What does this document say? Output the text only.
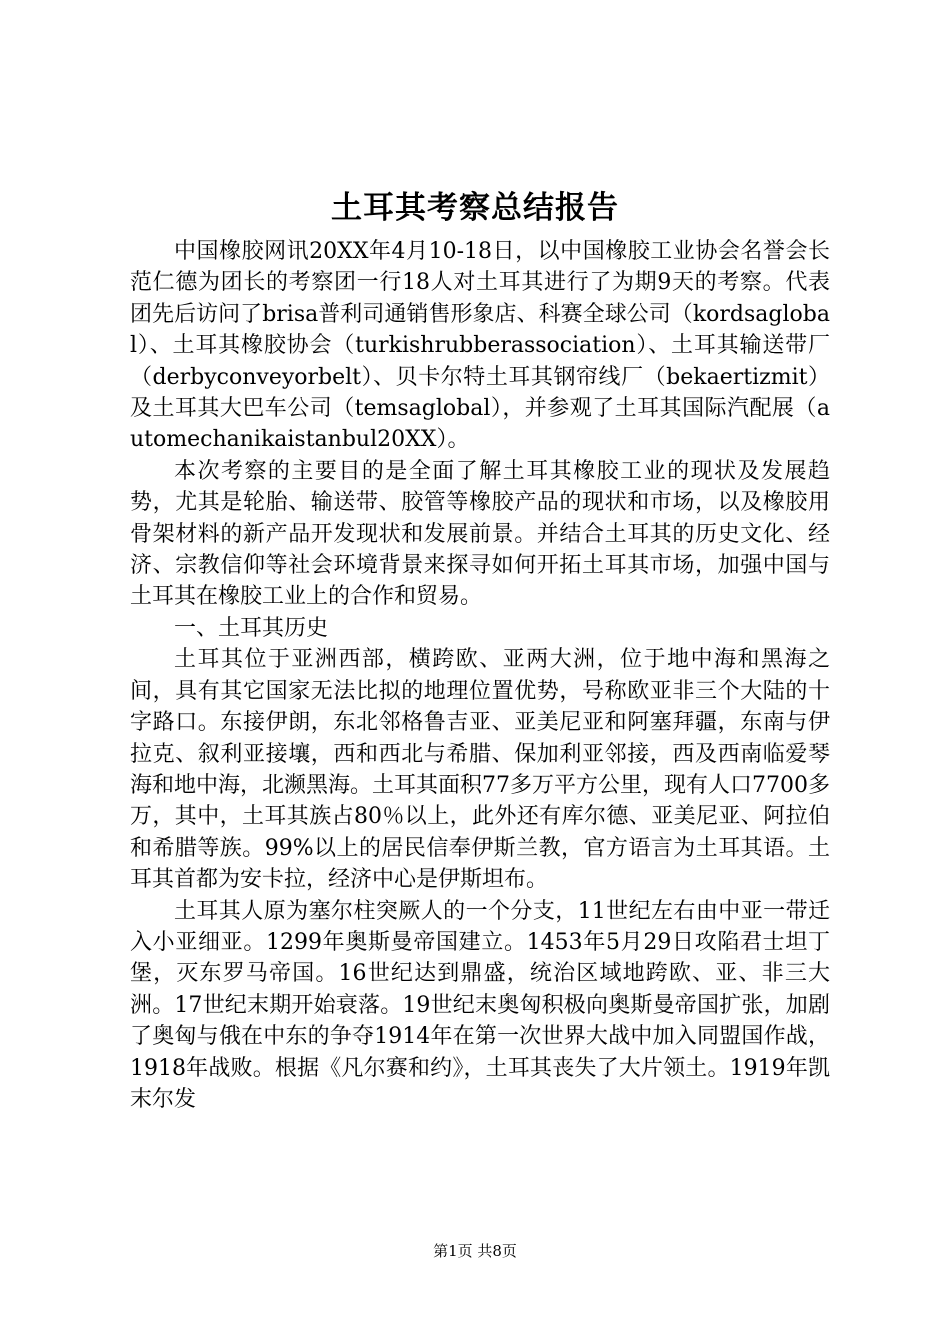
土耳其考察总结报告

中国橡胶网讯20XX年4月10-18日，以中国橡胶工业协会名誉会长范仁德为团长的考察团一行18人对土耳其进行了为期9天的考察。代表团先后访问了brisa普利司通销售形象店、科赛全球公司（kordsaglobal）、土耳其橡胶协会（turkishrubberassociation）、土耳其输送带厂（derbyconveyorbelt）、贝卡尔特土耳其钢帘线厂（bekaertizmit）及土耳其大巴车公司（temsaglobal），并参观了土耳其国际汽配展（automechanikaistanbul20XX）。

本次考察的主要目的是全面了解土耳其橡胶工业的现状及发展趋势，尤其是轮胎、输送带、胶管等橡胶产品的现状和市场，以及橡胶用骨架材料的新产品开发现状和发展前景。并结合土耳其的历史文化、经济、宗教信仰等社会环境背景来探寻如何开拓土耳其市场，加强中国与土耳其在橡胶工业上的合作和贸易。

一、土耳其历史

土耳其位于亚洲西部，横跨欧、亚两大洲，位于地中海和黑海之间，具有其它国家无法比拟的地理位置优势，号称欧亚非三个大陆的十字路口。东接伊朗，东北邻格鲁吉亚、亚美尼亚和阿塞拜疆，东南与伊拉克、叙利亚接壤，西和西北与希腊、保加利亚邻接，西及西南临爱琴海和地中海，北濒黑海。土耳其面积77多万平方公里，现有人口7700多万，其中，土耳其族占80％以上，此外还有库尔德、亚美尼亚、阿拉伯和希腊等族。99%以上的居民信奉伊斯兰教，官方语言为土耳其语。土耳其首都为安卡拉，经济中心是伊斯坦布。

土耳其人原为塞尔柱突厥人的一个分支，11世纪左右由中亚一带迁入小亚细亚。1299年奥斯曼帝国建立。1453年5月29日攻陷君士坦丁堡，灭东罗马帝国。16世纪达到鼎盛，统治区域地跨欧、亚、非三大洲。17世纪末期开始衰落。19世纪末奥匈积极向奥斯曼帝国扩张，加剧了奥匈与俄在中东的争夺1914年在第一次世界大战中加入同盟国作战，1918年战败。根据《凡尔赛和约》，土耳其丧失了大片领土。1919年凯末尔发

第1页 共8页
